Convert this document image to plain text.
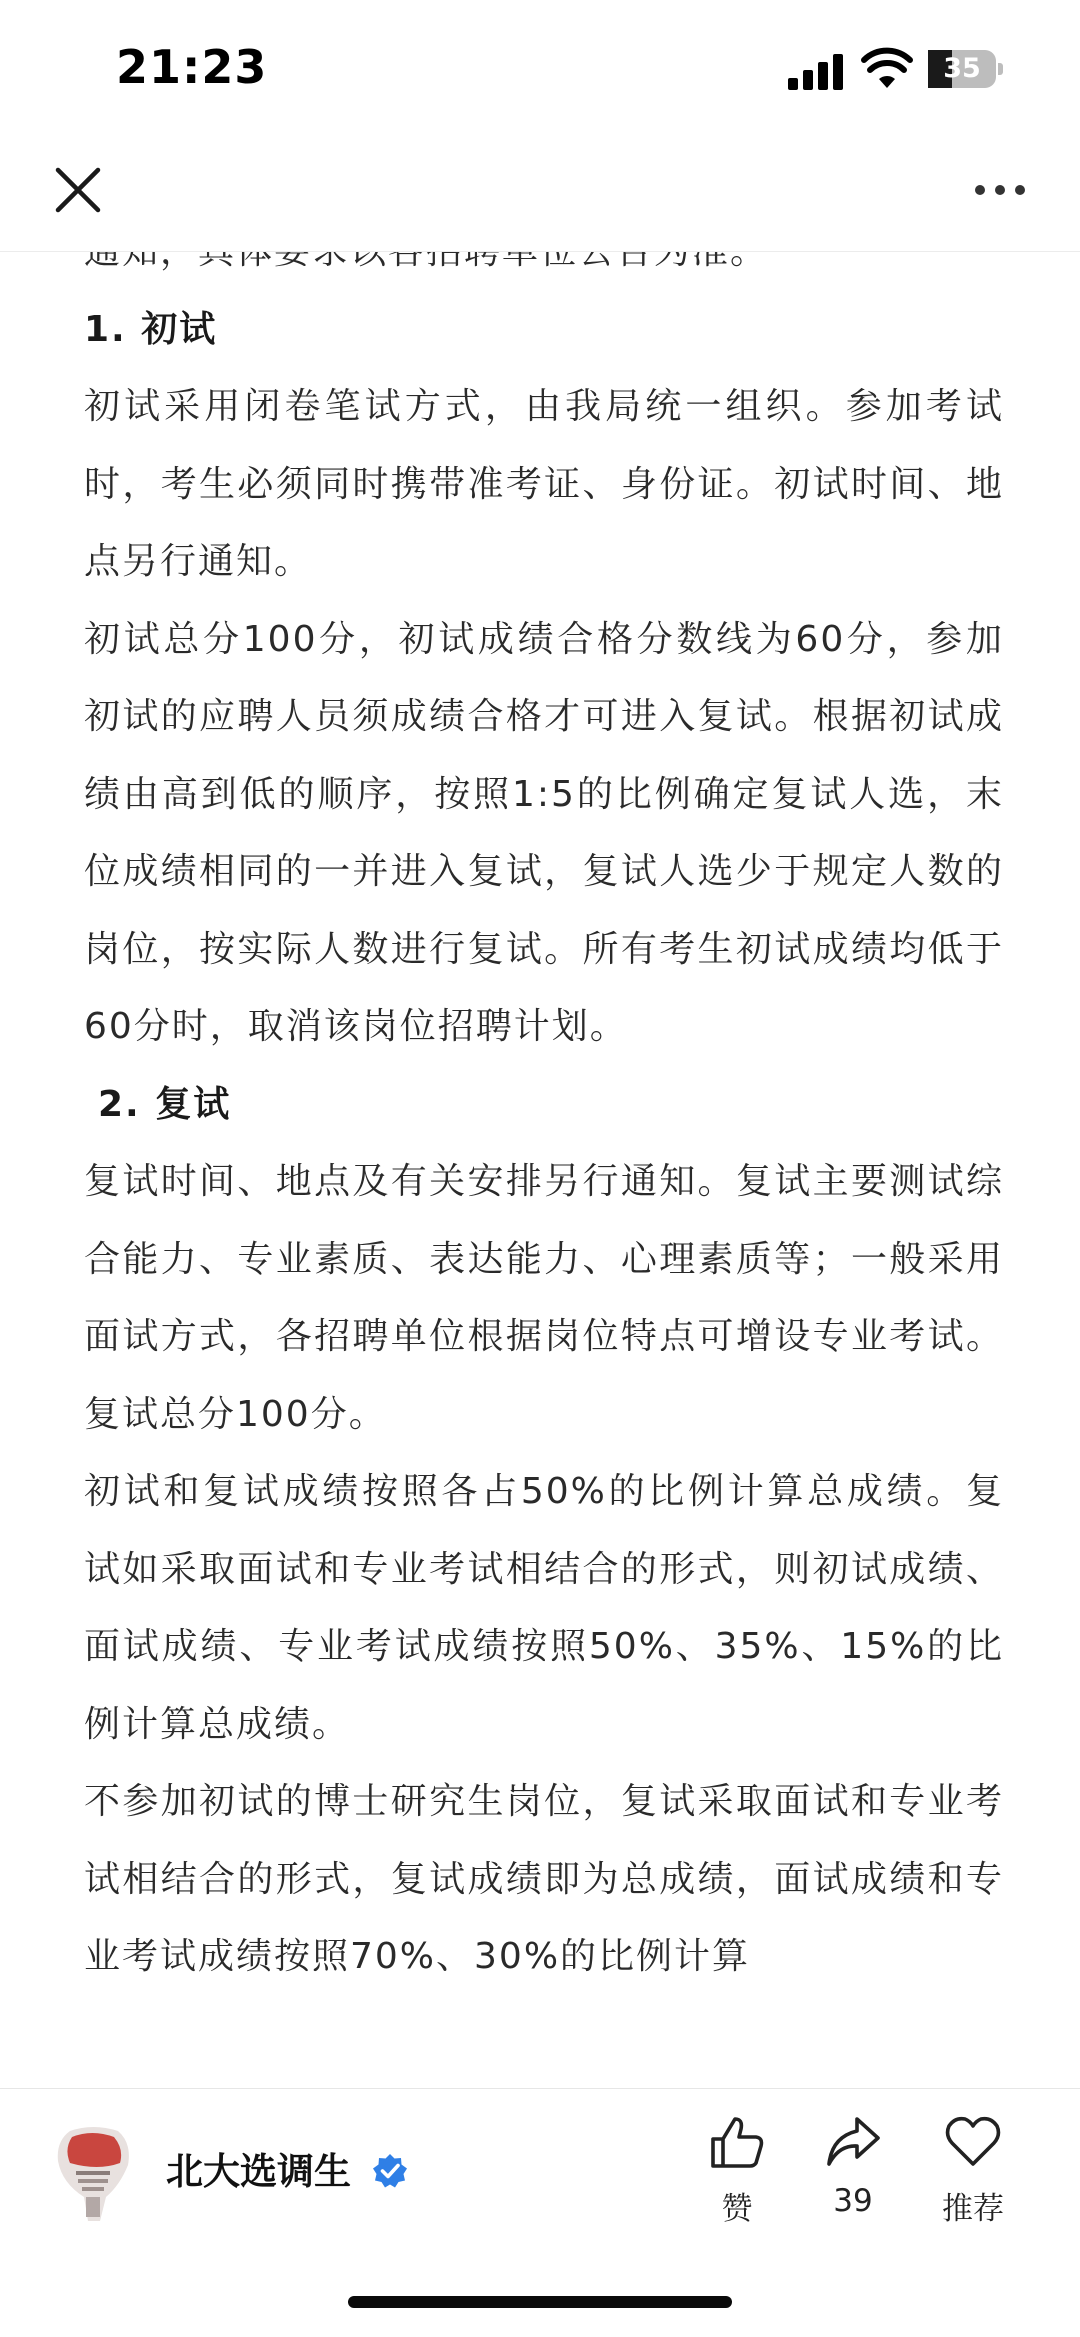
21:23	35
1. 初试
初试采用闭卷笔试方式，由我局统一组织。参加考试时，考生必须同时携带准考证、身份证。初试时间、地点另行通知。
初试总分100分，初试成绩合格分数线为60分，参加初试的应聘人员须成绩合格才可进入复试。根据初试成绩由高到低的顺序，按照1:5的比例确定复试人选，末位成绩相同的一并进入复试，复试人选少于规定人数的岗位，按实际人数进行复试。所有考生初试成绩均低于60分时，取消该岗位招聘计划。
2. 复试
复试时间、地点及有关安排另行通知。复试主要测试综合能力、专业素质、表达能力、心理素质等；一般采用面试方式，各招聘单位根据岗位特点可增设专业考试。复试总分100分。
初试和复试成绩按照各占50%的比例计算总成绩。复试如采取面试和专业考试相结合的形式，则初试成绩、面试成绩、专业考试成绩按照50%、35%、15%的比例计算总成绩。
不参加初试的博士研究生岗位，复试采取面试和专业考试相结合的形式，复试成绩即为总成绩，面试成绩和专业考试成绩按照70%、30%的比例计算
北大选调生
赞	39	推荐
